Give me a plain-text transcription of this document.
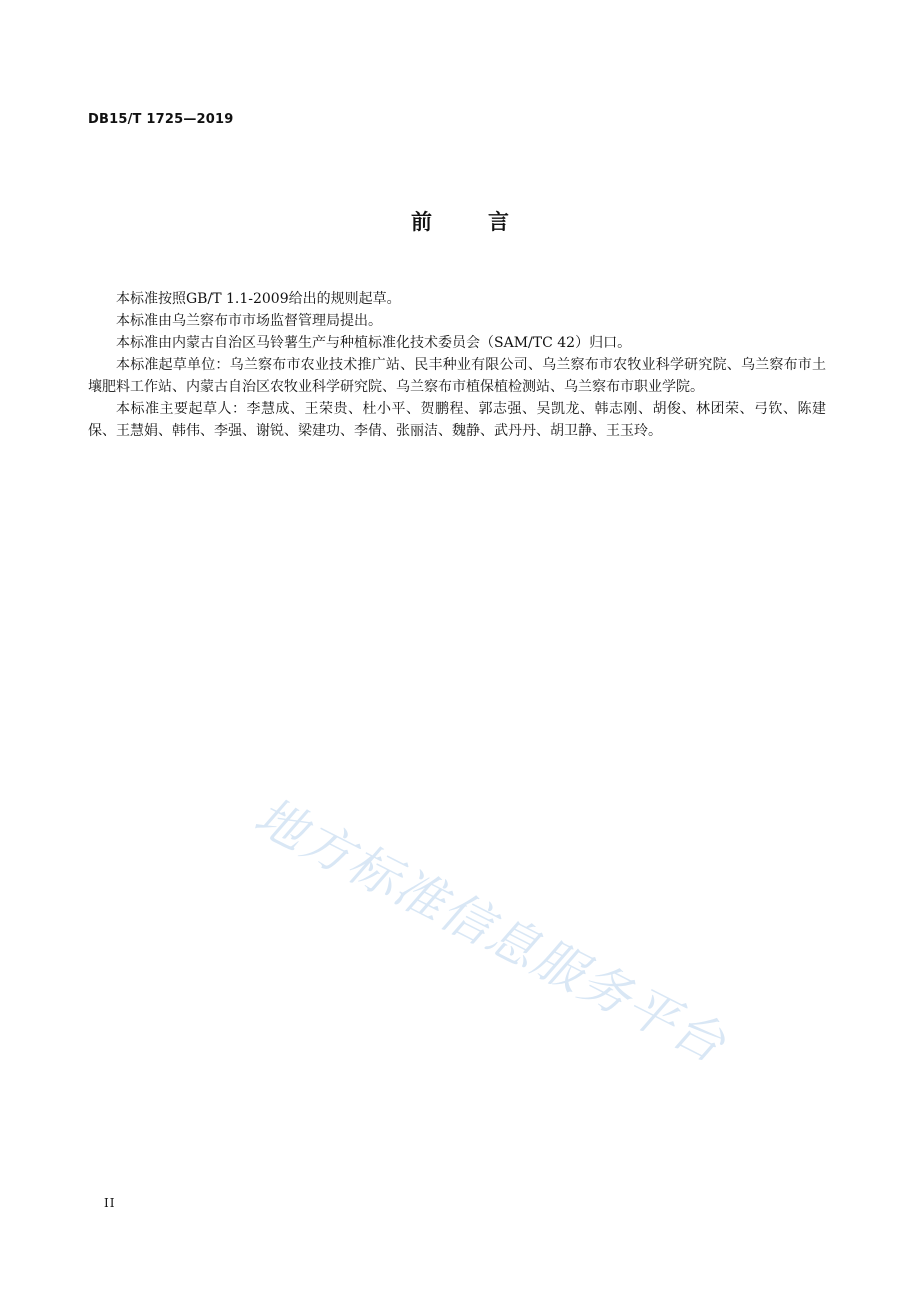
DB15/T 1725—2019
前言

本标准按照GB/T 1.1-2009给出的规则起草。

本标准由乌兰察布市市场监督管理局提出。

本标准由内蒙古自治区马铃薯生产与种植标准化技术委员会（SAM/TC 42）归口。

本标准起草单位：乌兰察布市农业技术推广站、民丰种业有限公司、乌兰察布市农牧业科学研究院、乌兰察布市土壤肥料工作站、内蒙古自治区农牧业科学研究院、乌兰察布市植保植检测站、乌兰察布市职业学院。

本标准主要起草人：李慧成、王荣贵、杜小平、贺鹏程、郭志强、吴凯龙、韩志刚、胡俊、林团荣、弓钦、陈建保、王慧娟、韩伟、李强、谢锐、梁建功、李倩、张丽洁、魏静、武丹丹、胡卫静、王玉玲。

地方标准信息服务平台
II
